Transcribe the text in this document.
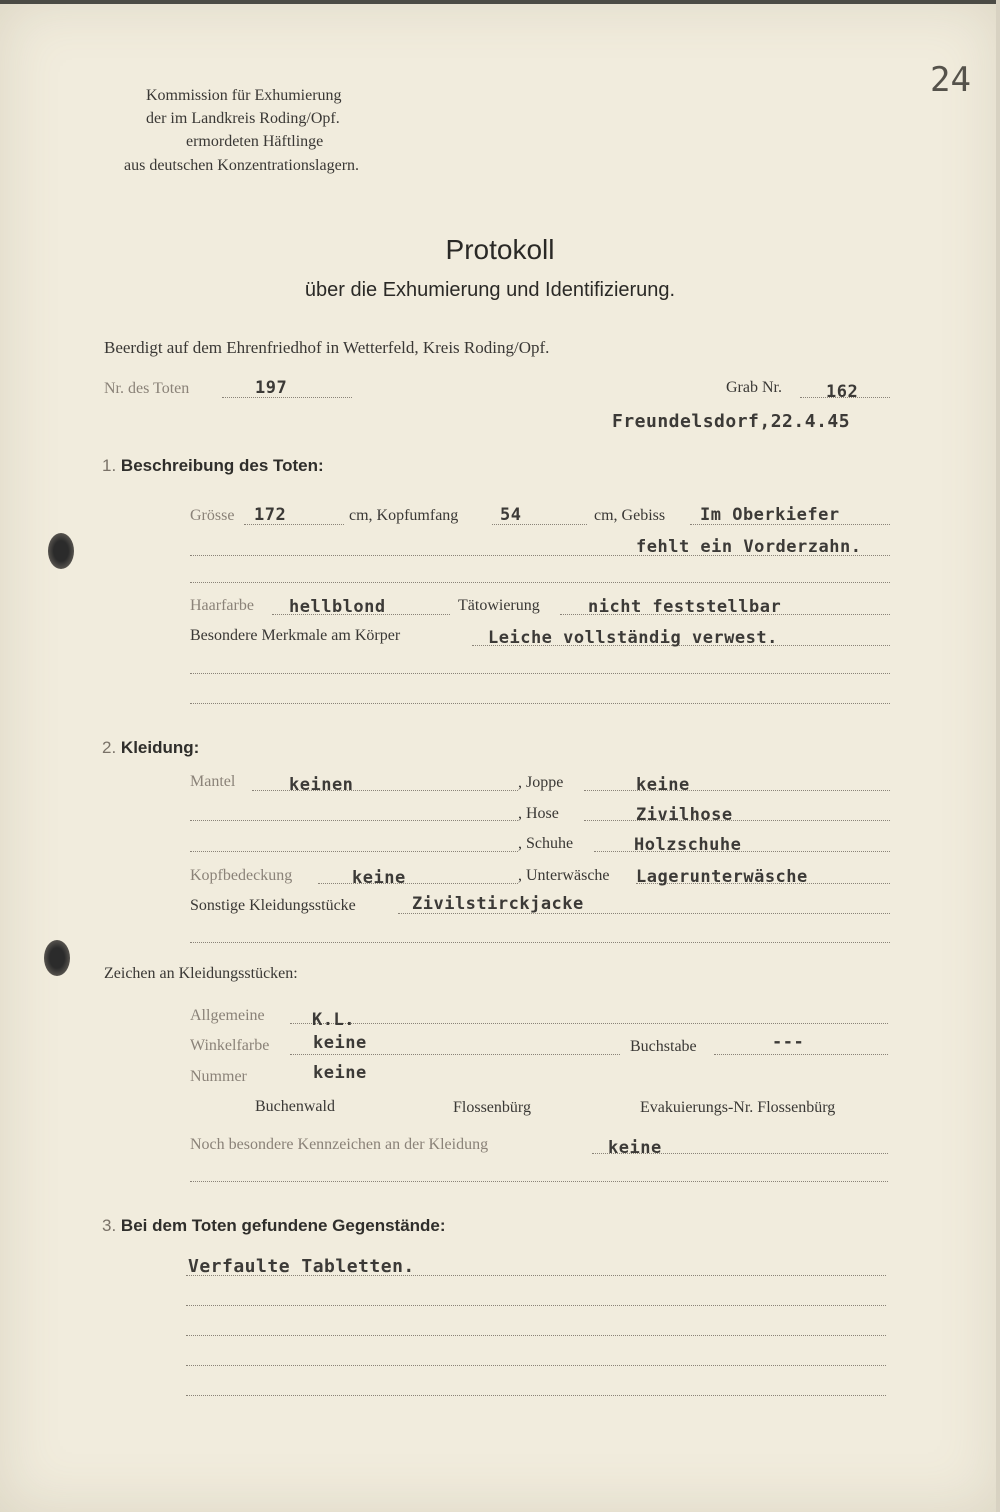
24
Kommission für Exhumierung
der im Landkreis Roding/Opf.
ermordeten Häftlinge
aus deutschen Konzentrationslagern.
Protokoll
über die Exhumierung und Identifizierung.
Beerdigt auf dem Ehrenfriedhof in Wetterfeld, Kreis Roding/Opf.
Nr. des Toten	197	Grab Nr.	162
Freundelsdorf,22.4.45
1. Beschreibung des Toten:
Grösse 172	cm, Kopfumfang 54	cm, Gebiss Im Oberkiefer
fehlt ein Vorderzahn.
Haarfarbe hellblond	Tätowierung	nicht feststellbar
Besondere Merkmale am Körper	Leiche vollständig verwest.
2. Kleidung:
Mantel	keinen	, Joppe	keine
, Hose	Zivilhose
, Schuhe	Holzschuhe
Kopfbedeckung	keine	, Unterwäsche Lagerunterwäsche
Sonstige Kleidungsstücke	Zivilstirckjacke
Zeichen an Kleidungsstücken:
Allgemeine	K.L.
Winkelfarbe	keine	Buchstabe	---
Nummer	keine
Buchenwald	Flossenbürg	Evakuierungs-Nr. Flossenbürg
Noch besondere Kennzeichen an der Kleidung	keine
3. Bei dem Toten gefundene Gegenstände:
Verfaulte Tabletten.
